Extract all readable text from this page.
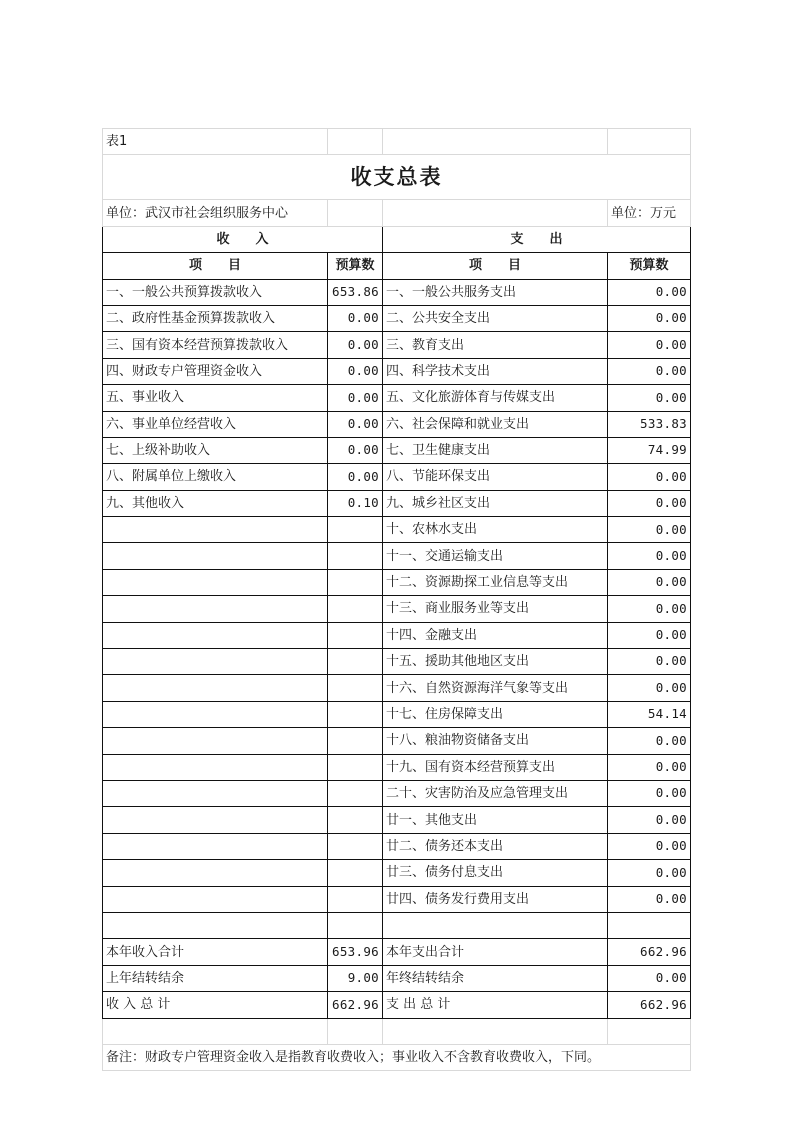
表1			
收支总表			
单位：武汉市社会组织服务中心			单位：万元
收　　入		支　　出	
项　　目	预算数	项　　目	预算数
一、一般公共预算拨款收入	653.86	一、一般公共服务支出	0.00
二、政府性基金预算拨款收入	0.00	二、公共安全支出	0.00
三、国有资本经营预算拨款收入	0.00	三、教育支出	0.00
四、财政专户管理资金收入	0.00	四、科学技术支出	0.00
五、事业收入	0.00	五、文化旅游体育与传媒支出	0.00
六、事业单位经营收入	0.00	六、社会保障和就业支出	533.83
七、上级补助收入	0.00	七、卫生健康支出	74.99
八、附属单位上缴收入	0.00	八、节能环保支出	0.00
九、其他收入	0.10	九、城乡社区支出	0.00
		十、农林水支出	0.00
		十一、交通运输支出	0.00
		十二、资源勘探工业信息等支出	0.00
		十三、商业服务业等支出	0.00
		十四、金融支出	0.00
		十五、援助其他地区支出	0.00
		十六、自然资源海洋气象等支出	0.00
		十七、住房保障支出	54.14
		十八、粮油物资储备支出	0.00
		十九、国有资本经营预算支出	0.00
		二十、灾害防治及应急管理支出	0.00
		廿一、其他支出	0.00
		廿二、债务还本支出	0.00
		廿三、债务付息支出	0.00
		廿四、债务发行费用支出	0.00

本年收入合计	653.96	本年支出合计	662.96
上年结转结余	9.00	年终结转结余	0.00
收 入 总 计	662.96	支 出 总 计	662.96

备注：财政专户管理资金收入是指教育收费收入；事业收入不含教育收费收入，下同。			
